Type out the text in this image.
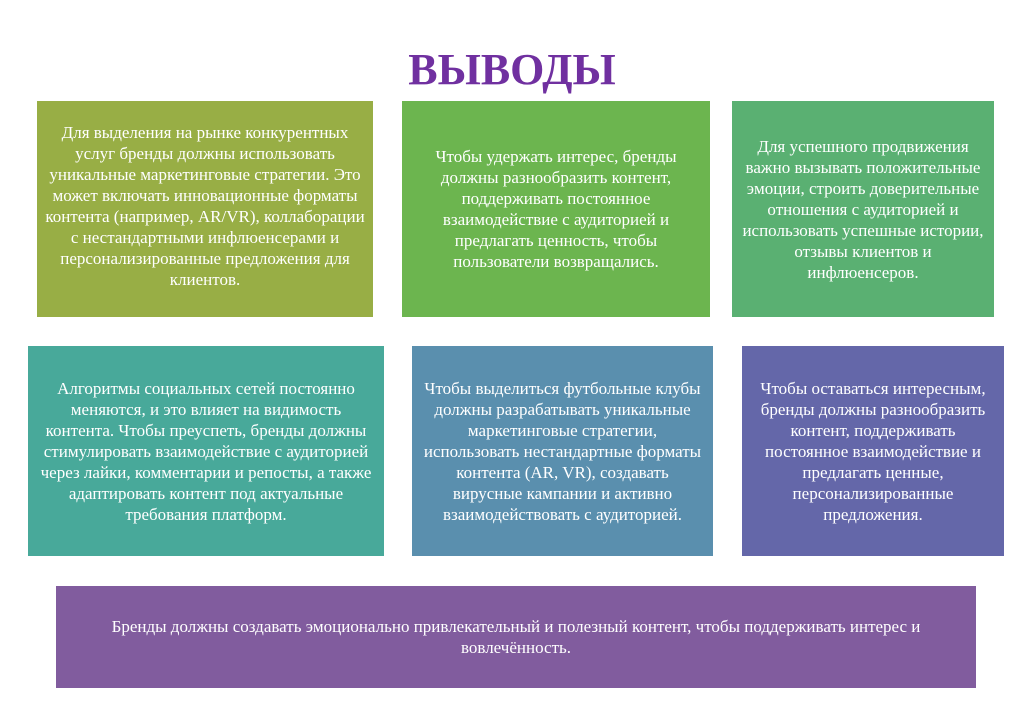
ВЫВОДЫ
Для выделения на рынке конкурентных услуг бренды должны использовать уникальные маркетинговые стратегии. Это может включать инновационные форматы контента (например, AR/VR), коллаборации с нестандартными инфлюенсерами и персонализированные предложения для клиентов.
Чтобы удержать интерес, бренды должны разнообразить контент, поддерживать постоянное взаимодействие с аудиторией и предлагать ценность, чтобы пользователи возвращались.
Для успешного продвижения важно вызывать положительные эмоции, строить доверительные отношения с аудиторией и использовать успешные истории, отзывы клиентов и инфлюенсеров.
Алгоритмы социальных сетей постоянно меняются, и это влияет на видимость контента. Чтобы преуспеть, бренды должны стимулировать взаимодействие с аудиторией через лайки, комментарии и репосты, а также адаптировать контент под актуальные требования платформ.
Чтобы выделиться футбольные клубы должны разрабатывать уникальные маркетинговые стратегии, использовать нестандартные форматы контента (AR, VR), создавать вирусные кампании и активно взаимодействовать с аудиторией.
Чтобы оставаться интересным, бренды должны разнообразить контент, поддерживать постоянное взаимодействие и предлагать ценные, персонализированные предложения.
Бренды должны создавать эмоционально привлекательный и полезный контент, чтобы поддерживать интерес и вовлечённость.
